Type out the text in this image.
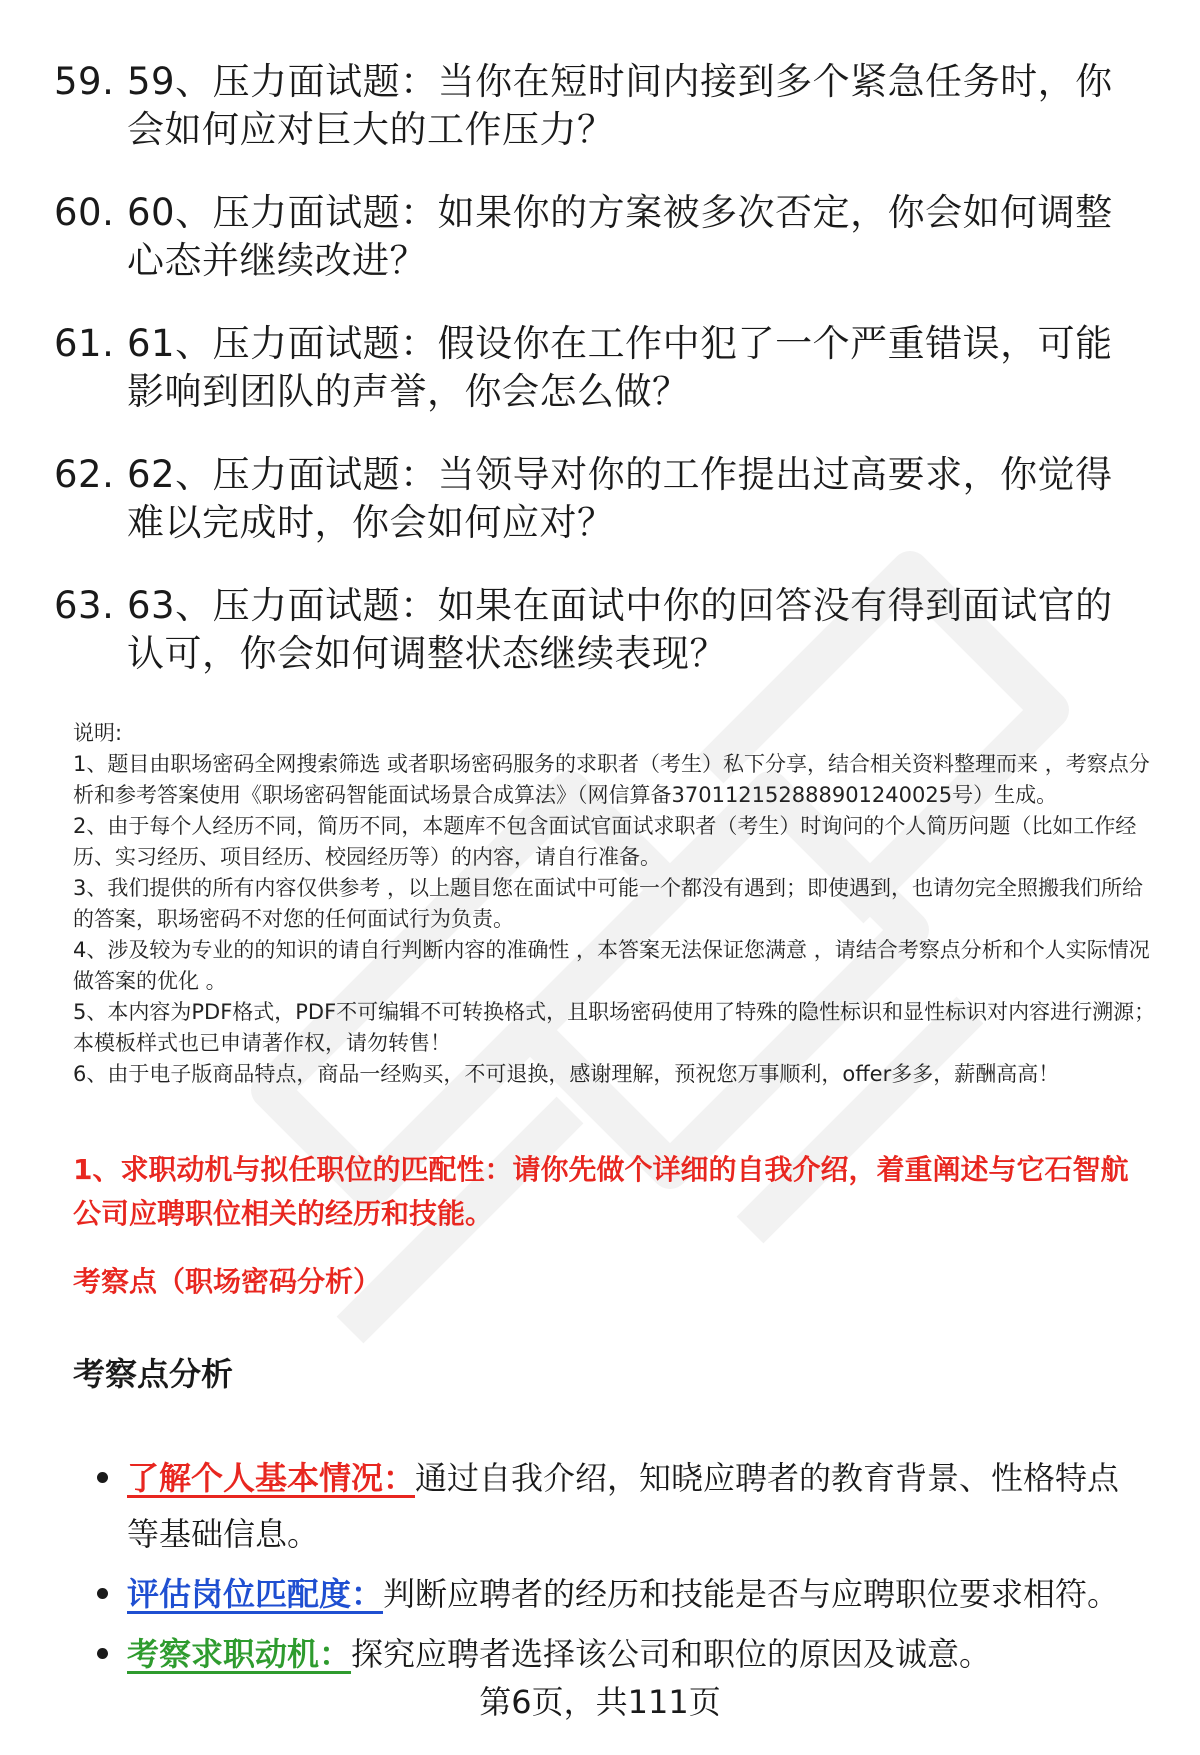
59. 59、压力面试题：当你在短时间内接到多个紧急任务时，你会如何应对巨大的工作压力？
60. 60、压力面试题：如果你的方案被多次否定，你会如何调整心态并继续改进？
61. 61、压力面试题：假设你在工作中犯了一个严重错误，可能影响到团队的声誉，你会怎么做？
62. 62、压力面试题：当领导对你的工作提出过高要求，你觉得难以完成时，你会如何应对？
63. 63、压力面试题：如果在面试中你的回答没有得到面试官的认可，你会如何调整状态继续表现？

说明:

1、题目由职场密码全网搜索筛选 或者职场密码服务的求职者（考生）私下分享，结合相关资料整理而来 ，考察点分析和参考答案使用《职场密码智能面试场景合成算法》（网信算备370112152888901240025号）生成。

2、由于每个人经历不同，简历不同，本题库不包含面试官面试求职者（考生）时询问的个人简历问题（比如工作经历、实习经历、项目经历、校园经历等）的内容，请自行准备。

3、我们提供的所有内容仅供参考 ，以上题目您在面试中可能一个都没有遇到；即使遇到，也请勿完全照搬我们所给的答案，职场密码不对您的任何面试行为负责。

4、涉及较为专业的的知识的请自行判断内容的准确性 ，本答案无法保证您满意 ，请结合考察点分析和个人实际情况做答案的优化 。

5、本内容为PDF格式，PDF不可编辑不可转换格式，且职场密码使用了特殊的隐性标识和显性标识对内容进行溯源；本模板样式也已申请著作权，请勿转售！

6、由于电子版商品特点，商品一经购买，不可退换，感谢理解，预祝您万事顺利，offer多多，薪酬高高！

1、求职动机与拟任职位的匹配性：请你先做个详细的自我介绍，着重阐述与它石智航公司应聘职位相关的经历和技能。
考察点（职场密码分析）
考察点分析
了解个人基本情况：通过自我介绍，知晓应聘者的教育背景、性格特点等基础信息。
评估岗位匹配度：判断应聘者的经历和技能是否与应聘职位要求相符。
考察求职动机：探究应聘者选择该公司和职位的原因及诚意。
第6页，共111页
